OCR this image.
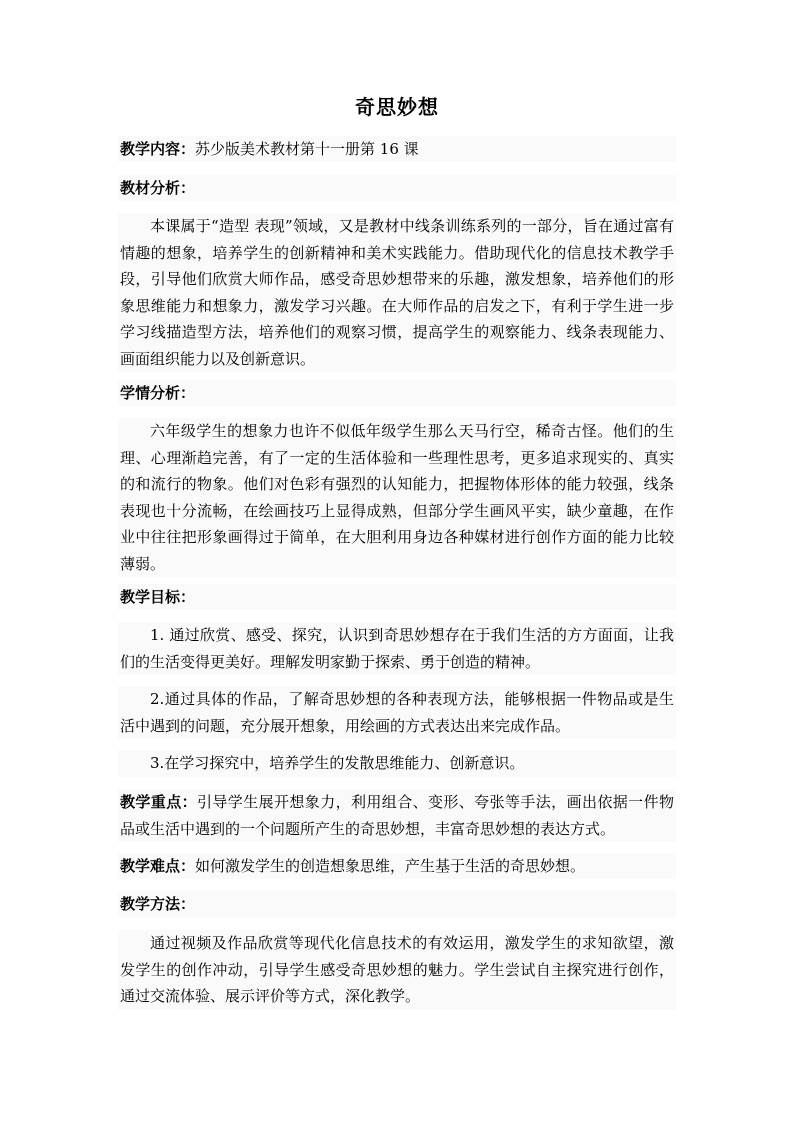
奇思妙想

教学内容：苏少版美术教材第十一册第 16 课

教材分析：

本课属于“造型 表现”领域，又是教材中线条训练系列的一部分，旨在通过富有情趣的想象，培养学生的创新精神和美术实践能力。借助现代化的信息技术教学手段，引导他们欣赏大师作品，感受奇思妙想带来的乐趣，激发想象，培养他们的形象思维能力和想象力，激发学习兴趣。在大师作品的启发之下，有利于学生进一步学习线描造型方法，培养他们的观察习惯，提高学生的观察能力、线条表现能力、画面组织能力以及创新意识。

学情分析：

六年级学生的想象力也许不似低年级学生那么天马行空，稀奇古怪。他们的生理、心理渐趋完善，有了一定的生活体验和一些理性思考，更多追求现实的、真实的和流行的物象。他们对色彩有强烈的认知能力，把握物体形体的能力较强，线条表现也十分流畅，在绘画技巧上显得成熟，但部分学生画风平实，缺少童趣，在作业中往往把形象画得过于简单，在大胆利用身边各种媒材进行创作方面的能力比较薄弱。

教学目标：

1. 通过欣赏、感受、探究，认识到奇思妙想存在于我们生活的方方面面，让我们的生活变得更美好。理解发明家勤于探索、勇于创造的精神。

2.通过具体的作品，了解奇思妙想的各种表现方法，能够根据一件物品或是生活中遇到的问题，充分展开想象，用绘画的方式表达出来完成作品。

3.在学习探究中，培养学生的发散思维能力、创新意识。

教学重点：引导学生展开想象力，利用组合、变形、夸张等手法，画出依据一件物品或生活中遇到的一个问题所产生的奇思妙想，丰富奇思妙想的表达方式。

教学难点：如何激发学生的创造想象思维，产生基于生活的奇思妙想。

教学方法：

通过视频及作品欣赏等现代化信息技术的有效运用，激发学生的求知欲望，激发学生的创作冲动，引导学生感受奇思妙想的魅力。学生尝试自主探究进行创作，通过交流体验、展示评价等方式，深化教学。
